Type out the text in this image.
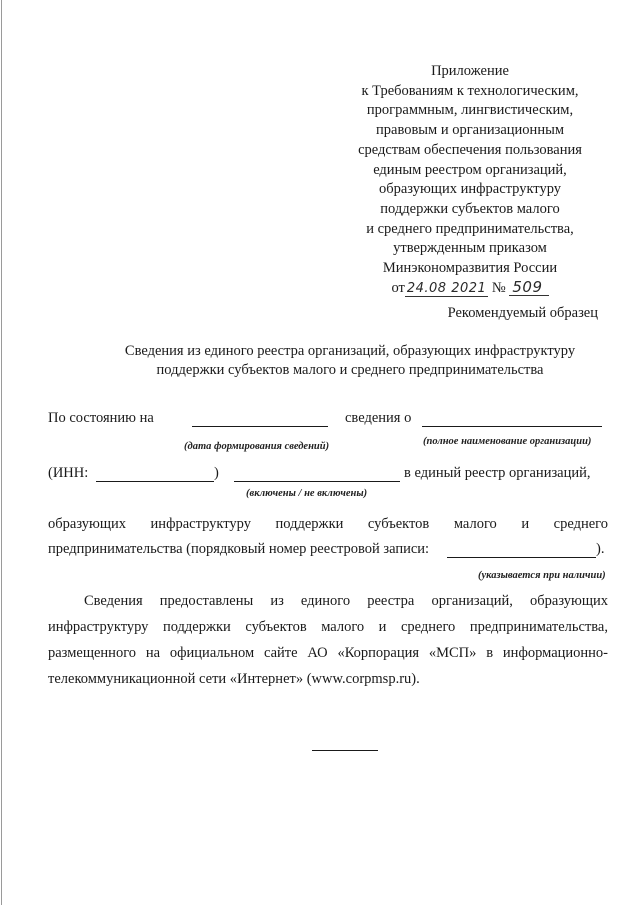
Приложение
к Требованиям к технологическим,
программным, лингвистическим,
правовым и организационным
средствам обеспечения пользования
единым реестром организаций,
образующих инфраструктуру
поддержки субъектов малого
и среднего предпринимательства,
утвержденным приказом
Минэкономразвития России
от 24.08 2021 № 509
Рекомендуемый образец
Сведения из единого реестра организаций, образующих инфраструктуру
поддержки субъектов малого и среднего предпринимательства
По состоянию на	сведения о
(дата формирования сведений)	(полное наименование организации)
(ИНН:	)	в единый реестр организаций,
(включены / не включены)
образующих инфраструктуру поддержки субъектов малого и среднего
предпринимательства (порядковый номер реестровой записи:	).
(указывается при наличии)
Сведения предоставлены из единого реестра организаций, образующих
инфраструктуру поддержки субъектов малого и среднего предпринимательства,
размещенного на официальном сайте АО «Корпорация «МСП» в информационно-
телекоммуникационной сети «Интернет» (www.corpmsp.ru).
